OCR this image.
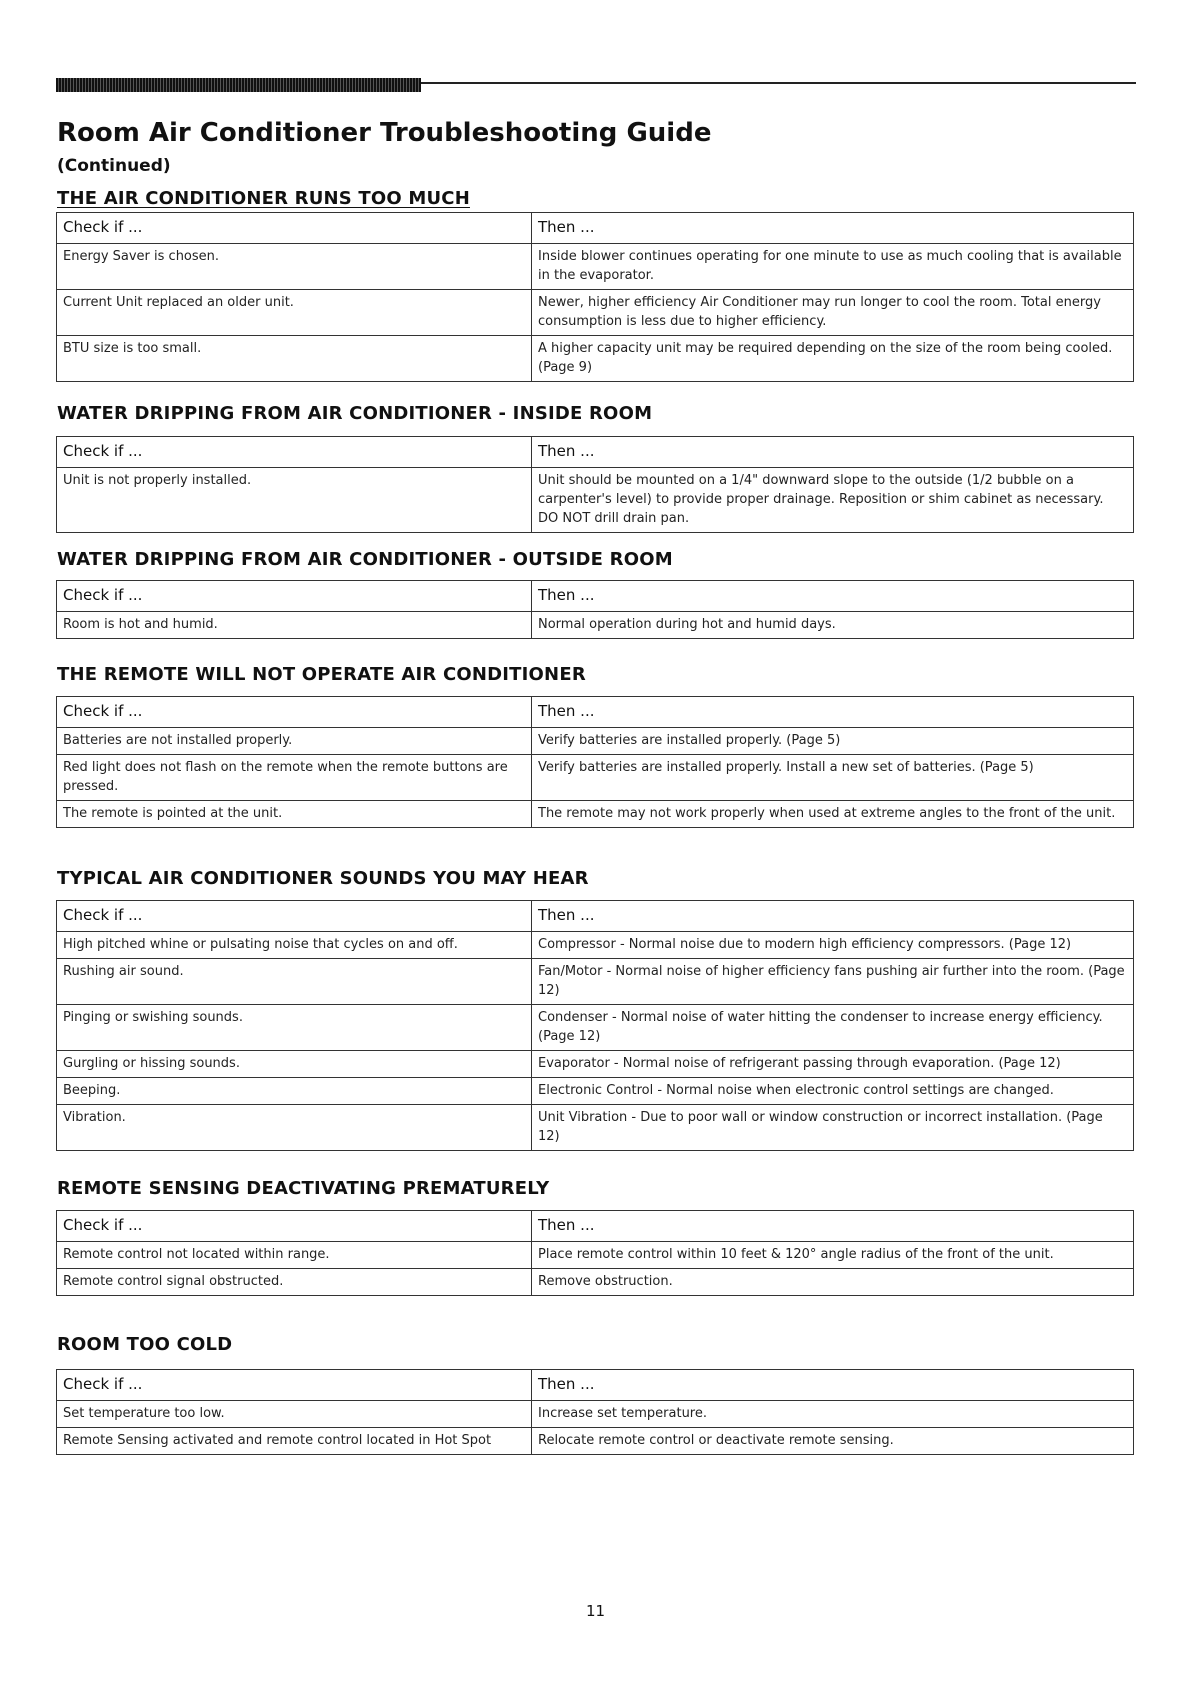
Room Air Conditioner Troubleshooting Guide
(Continued)
THE AIR CONDITIONER RUNS TOO MUCH
Check if ...	Then ...
Energy Saver is chosen.	Inside blower continues operating for one minute to use as much cooling that is available in the evaporator.
Current Unit replaced an older unit.	Newer, higher efficiency Air Conditioner may run longer to cool the room. Total energy consumption is less due to higher efficiency.
BTU size is too small.	A higher capacity unit may be required depending on the size of the room being cooled. (Page 9)
WATER DRIPPING FROM AIR CONDITIONER - INSIDE ROOM
Check if ...	Then ...
Unit is not properly installed.	Unit should be mounted on a 1/4" downward slope to the outside (1/2 bubble on a carpenter's level) to provide proper drainage. Reposition or shim cabinet as necessary. DO NOT drill drain pan.
WATER DRIPPING FROM AIR CONDITIONER - OUTSIDE ROOM
Check if ...	Then ...
Room is hot and humid.	Normal operation during hot and humid days.
THE REMOTE WILL NOT OPERATE AIR CONDITIONER
Check if ...	Then ...
Batteries are not installed properly.	Verify batteries are installed properly. (Page 5)
Red light does not flash on the remote when the remote buttons are pressed.	Verify batteries are installed properly. Install a new set of batteries. (Page 5)
The remote is pointed at the unit.	The remote may not work properly when used at extreme angles to the front of the unit.
TYPICAL AIR CONDITIONER SOUNDS YOU MAY HEAR
Check if ...	Then ...
High pitched whine or pulsating noise that cycles on and off.	Compressor - Normal noise due to modern high efficiency compressors. (Page 12)
Rushing air sound.	Fan/Motor - Normal noise of higher efficiency fans pushing air further into the room. (Page 12)
Pinging or swishing sounds.	Condenser - Normal noise of water hitting the condenser to increase energy efficiency. (Page 12)
Gurgling or hissing sounds.	Evaporator - Normal noise of refrigerant passing through evaporation. (Page 12)
Beeping.	Electronic Control - Normal noise when electronic control settings are changed.
Vibration.	Unit Vibration - Due to poor wall or window construction or incorrect installation. (Page 12)
REMOTE SENSING DEACTIVATING PREMATURELY
Check if ...	Then ...
Remote control not located within range.	Place remote control within 10 feet & 120° angle radius of the front of the unit.
Remote control signal obstructed.	Remove obstruction.
ROOM TOO COLD
Check if ...	Then ...
Set temperature too low.	Increase set temperature.
Remote Sensing activated and remote control located in Hot Spot	Relocate remote control or deactivate remote sensing.
11
